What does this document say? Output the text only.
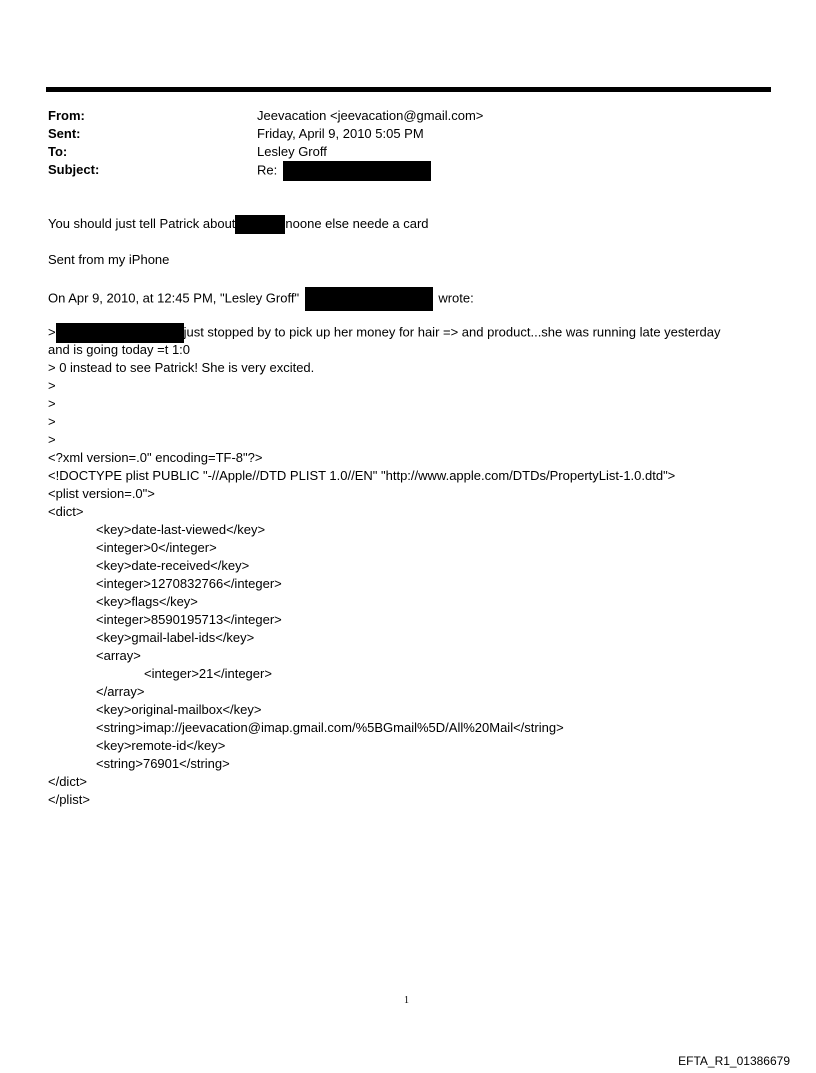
From:	Jeevacation <jeevacation@gmail.com>
Sent:	Friday, April 9, 2010 5:05 PM
To:	Lesley Groff
Subject:	Re:
You should just tell Patrick about	noone else neede a card
Sent from my iPhone
On Apr 9, 2010, at 12:45 PM, "Lesley Groff"	wrote:
>	just stopped by to pick up her money for hair => and product...she was running late yesterday
and is going today =t 1:0
> 0 instead to see Patrick! She is very excited.
>
>
>
>
<?xml version=.0" encoding=TF-8"?>
<!DOCTYPE plist PUBLIC "-//Apple//DTD PLIST 1.0//EN" "http://www.apple.com/DTDs/PropertyList-1.0.dtd">
<plist version=.0">
<dict>
<key>date-last-viewed</key>
<integer>0</integer>
<key>date-received</key>
<integer>1270832766</integer>
<key>flags</key>
<integer>8590195713</integer>
<key>gmail-label-ids</key>
<array>
<integer>21</integer>
</array>
<key>original-mailbox</key>
<string>imap://jeevacation@imap.gmail.com/%5BGmail%5D/All%20Mail</string>
<key>remote-id</key>
<string>76901</string>
</dict>
</plist>
1
EFTA_R1_01386679
